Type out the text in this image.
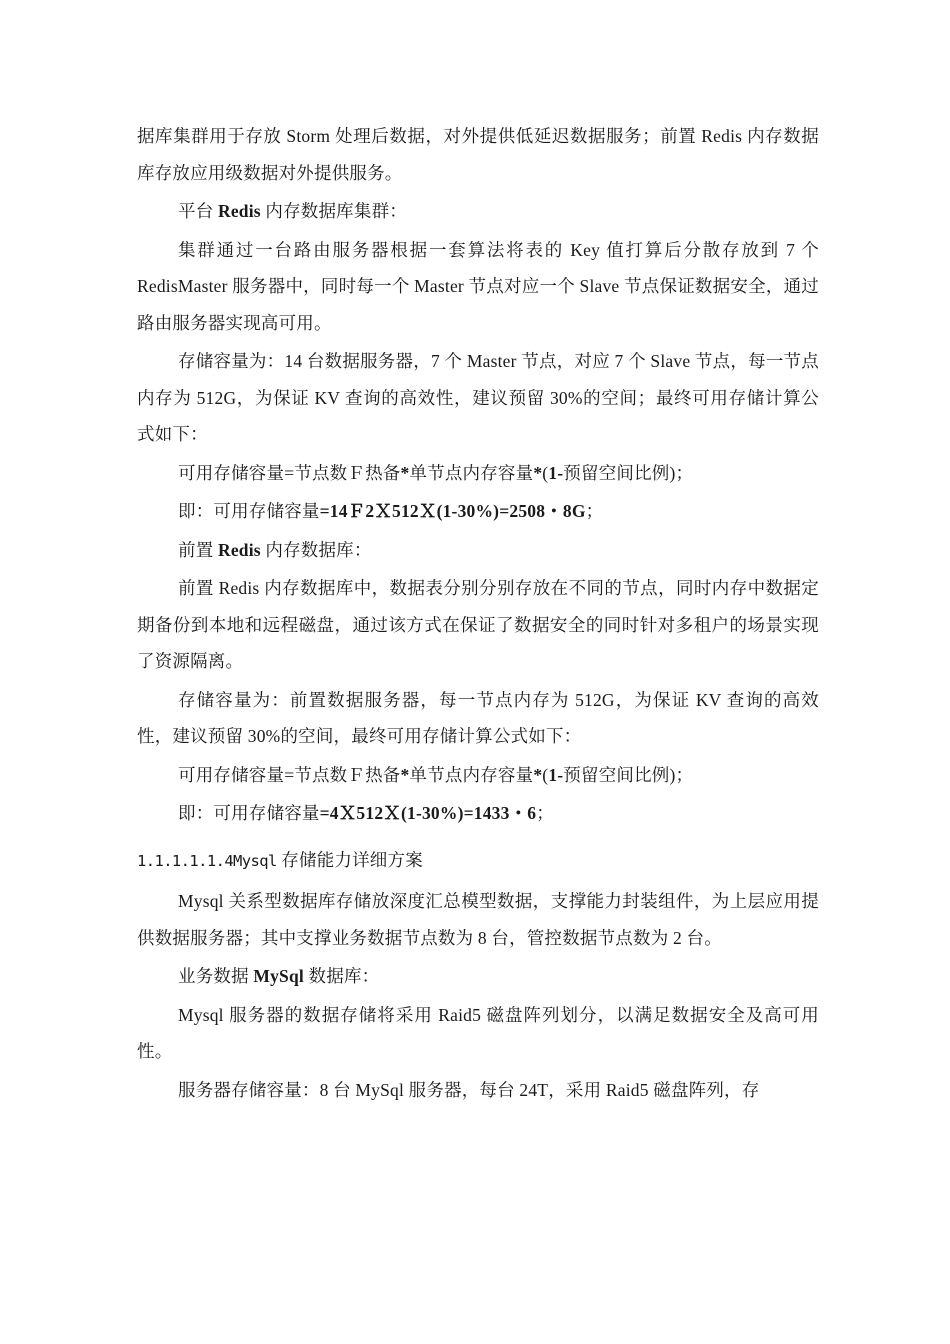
据库集群用于存放 Storm 处理后数据，对外提供低延迟数据服务；前置 Redis 内存数据库存放应用级数据对外提供服务。

平台 Redis 内存数据库集群：

集群通过一台路由服务器根据一套算法将表的 Key 值打算后分散存放到 7 个 RedisMaster 服务器中，同时每一个 Master 节点对应一个 Slave 节点保证数据安全，通过路由服务器实现高可用。

存储容量为：14 台数据服务器，7 个 Master 节点，对应 7 个 Slave 节点，每一节点内存为 512G，为保证 KV 查询的高效性，建议预留 30%的空间；最终可用存储计算公式如下：

可用存储容量=节点数Ｆ热备*单节点内存容量*(1-预留空间比例)；

即：可用存储容量=14Ｆ2Ｘ512Ｘ(1-30%)=2508・8G；

前置 Redis 内存数据库：

前置 Redis 内存数据库中，数据表分别分别存放在不同的节点，同时内存中数据定期备份到本地和远程磁盘，通过该方式在保证了数据安全的同时针对多租户的场景实现了资源隔离。

存储容量为：前置数据服务器，每一节点内存为 512G，为保证 KV 查询的高效性，建议预留 30%的空间，最终可用存储计算公式如下：

可用存储容量=节点数Ｆ热备*单节点内存容量*(1-预留空间比例)；

即：可用存储容量=4Ｘ512Ｘ(1-30%)=1433・6；

1.1.1.1.1.4Mysql 存储能力详细方案

Mysql 关系型数据库存储放深度汇总模型数据，支撑能力封装组件，为上层应用提供数据服务器；其中支撑业务数据节点数为 8 台，管控数据节点数为 2 台。

业务数据 MySql 数据库：

Mysql 服务器的数据存储将采用 Raid5 磁盘阵列划分，以满足数据安全及高可用性。

服务器存储容量：8 台 MySql 服务器，每台 24T，采用 Raid5 磁盘阵列，存
